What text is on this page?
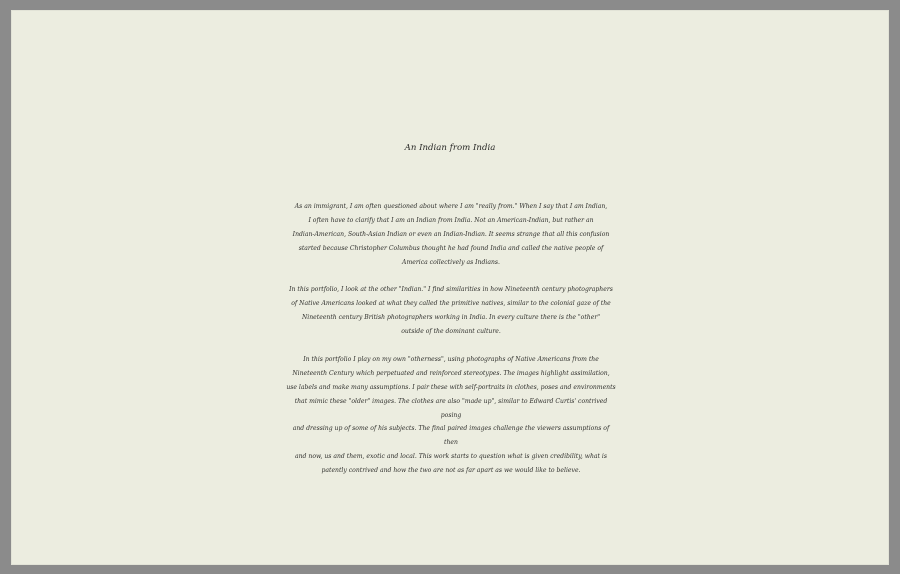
An Indian from India

As an immigrant, I am often questioned about where I am "really from." When I say that I am Indian,
I often have to clarify that I am an Indian from India. Not an American-Indian, but rather an
Indian-American, South-Asian Indian or even an Indian-Indian. It seems strange that all this confusion
started because Christopher Columbus thought he had found India and called the native people of
America collectively as Indians.

In this portfolio, I look at the other "Indian." I find similarities in how Nineteenth century photographers
of Native Americans looked at what they called the primitive natives, similar to the colonial gaze of the
Nineteenth century British photographers working in India. In every culture there is the "other"
outside of the dominant culture.

In this portfolio I play on my own "otherness", using photographs of Native Americans from the
Nineteenth Century which perpetuated and reinforced stereotypes. The images highlight assimilation,
use labels and make many assumptions. I pair these with self-portraits in clothes, poses and environments
that mimic these "older" images. The clothes are also "made up", similar to Edward Curtis' contrived posing
and dressing up of some of his subjects. The final paired images challenge the viewers assumptions of then
and now, us and them, exotic and local. This work starts to question what is given credibility, what is
patently contrived and how the two are not as far apart as we would like to believe.
